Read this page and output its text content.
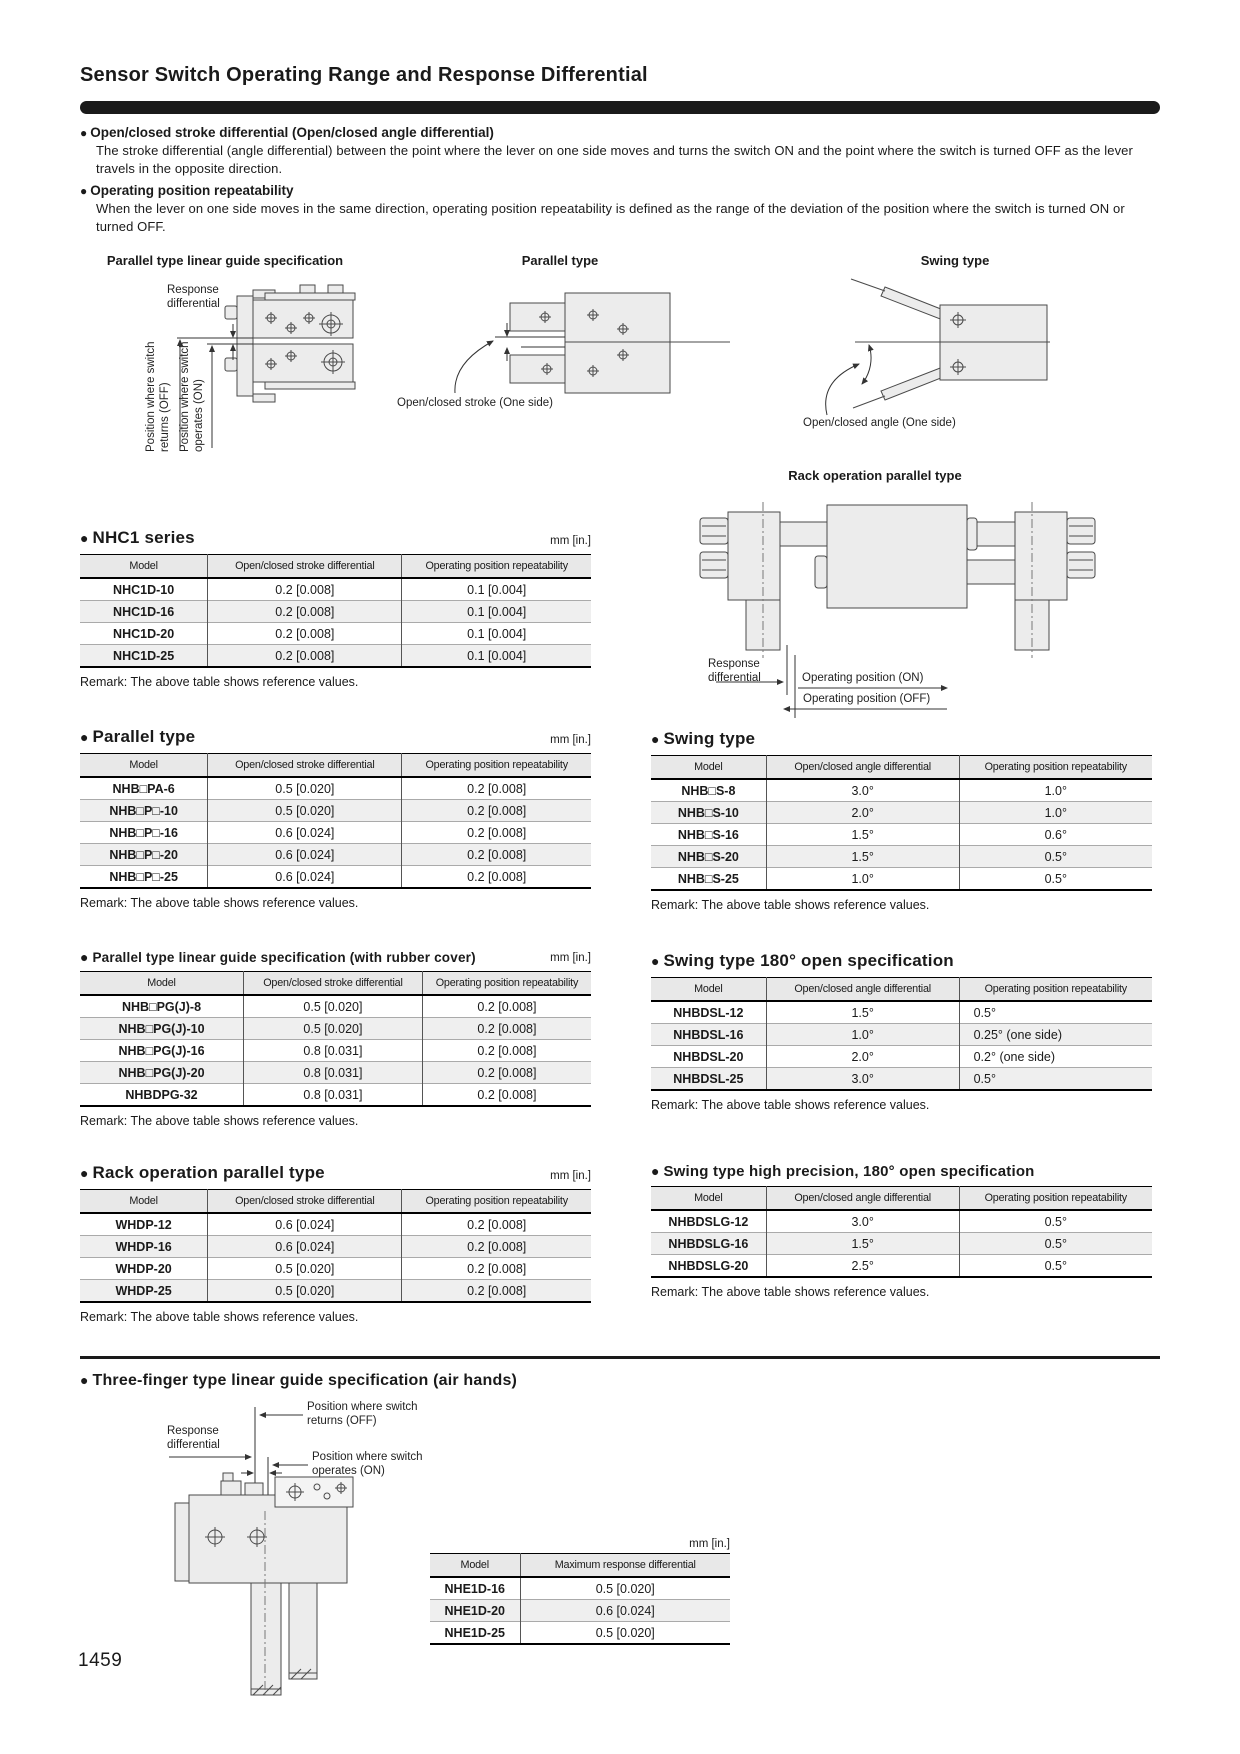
Sensor Switch Operating Range and Response Differential
● Open/closed stroke differential (Open/closed angle differential)
The stroke differential (angle differential) between the point where the lever on one side moves and turns the switch ON and the point where the switch is turned OFF as the lever travels in the opposite direction.
● Operating position repeatability
When the lever on one side moves in the same direction, operating position repeatability is defined as the range of the deviation of the position where the switch is turned ON or turned OFF.
Parallel type linear guide specification	Parallel type	Swing type
Response differential
Position where switch returns (OFF) Position where switch operates (ON)	Open/closed stroke (One side)
Open/closed angle (One side)
Rack operation parallel type
Response differential	Operating position (ON)
Operating position (OFF)
● NHC1 series	mm [in.]
Model	Open/closed stroke differential	Operating position repeatability
NHC1D-10	0.2 [0.008]	0.1 [0.004]
NHC1D-16	0.2 [0.008]	0.1 [0.004]
NHC1D-20	0.2 [0.008]	0.1 [0.004]
NHC1D-25	0.2 [0.008]	0.1 [0.004]
Remark: The above table shows reference values.
● Parallel type	mm [in.]
Model	Open/closed stroke differential	Operating position repeatability
NHB□PA-6	0.5 [0.020]	0.2 [0.008]
NHB□P□-10	0.5 [0.020]	0.2 [0.008]
NHB□P□-16	0.6 [0.024]	0.2 [0.008]
NHB□P□-20	0.6 [0.024]	0.2 [0.008]
NHB□P□-25	0.6 [0.024]	0.2 [0.008]
Remark: The above table shows reference values.
● Parallel type linear guide specification (with rubber cover)	mm [in.]
Model	Open/closed stroke differential	Operating position repeatability
NHB□PG(J)-8	0.5 [0.020]	0.2 [0.008]
NHB□PG(J)-10	0.5 [0.020]	0.2 [0.008]
NHB□PG(J)-16	0.8 [0.031]	0.2 [0.008]
NHB□PG(J)-20	0.8 [0.031]	0.2 [0.008]
NHBDPG-32	0.8 [0.031]	0.2 [0.008]
Remark: The above table shows reference values.
● Rack operation parallel type	mm [in.]
Model	Open/closed stroke differential	Operating position repeatability
WHDP-12	0.6 [0.024]	0.2 [0.008]
WHDP-16	0.6 [0.024]	0.2 [0.008]
WHDP-20	0.5 [0.020]	0.2 [0.008]
WHDP-25	0.5 [0.020]	0.2 [0.008]
Remark: The above table shows reference values.
● Swing type
Model	Open/closed angle differential	Operating position repeatability
NHB□S-8	3.0°	1.0°
NHB□S-10	2.0°	1.0°
NHB□S-16	1.5°	0.6°
NHB□S-20	1.5°	0.5°
NHB□S-25	1.0°	0.5°
Remark: The above table shows reference values.
● Swing type 180° open specification
Model	Open/closed angle differential	Operating position repeatability
NHBDSL-12	1.5°	0.5°
NHBDSL-16	1.0°	0.25° (one side)
NHBDSL-20	2.0°	0.2° (one side)
NHBDSL-25	3.0°	0.5°
Remark: The above table shows reference values.
● Swing type high precision, 180° open specification
Model	Open/closed angle differential	Operating position repeatability
NHBDSLG-12	3.0°	0.5°
NHBDSLG-16	1.5°	0.5°
NHBDSLG-20	2.5°	0.5°
Remark: The above table shows reference values.
● Three-finger type linear guide specification (air hands)
Position where switch returns (OFF)
Response differential
Position where switch operates (ON)
mm [in.]
Model	Maximum response differential
NHE1D-16	0.5 [0.020]
NHE1D-20	0.6 [0.024]
NHE1D-25	0.5 [0.020]
1459
